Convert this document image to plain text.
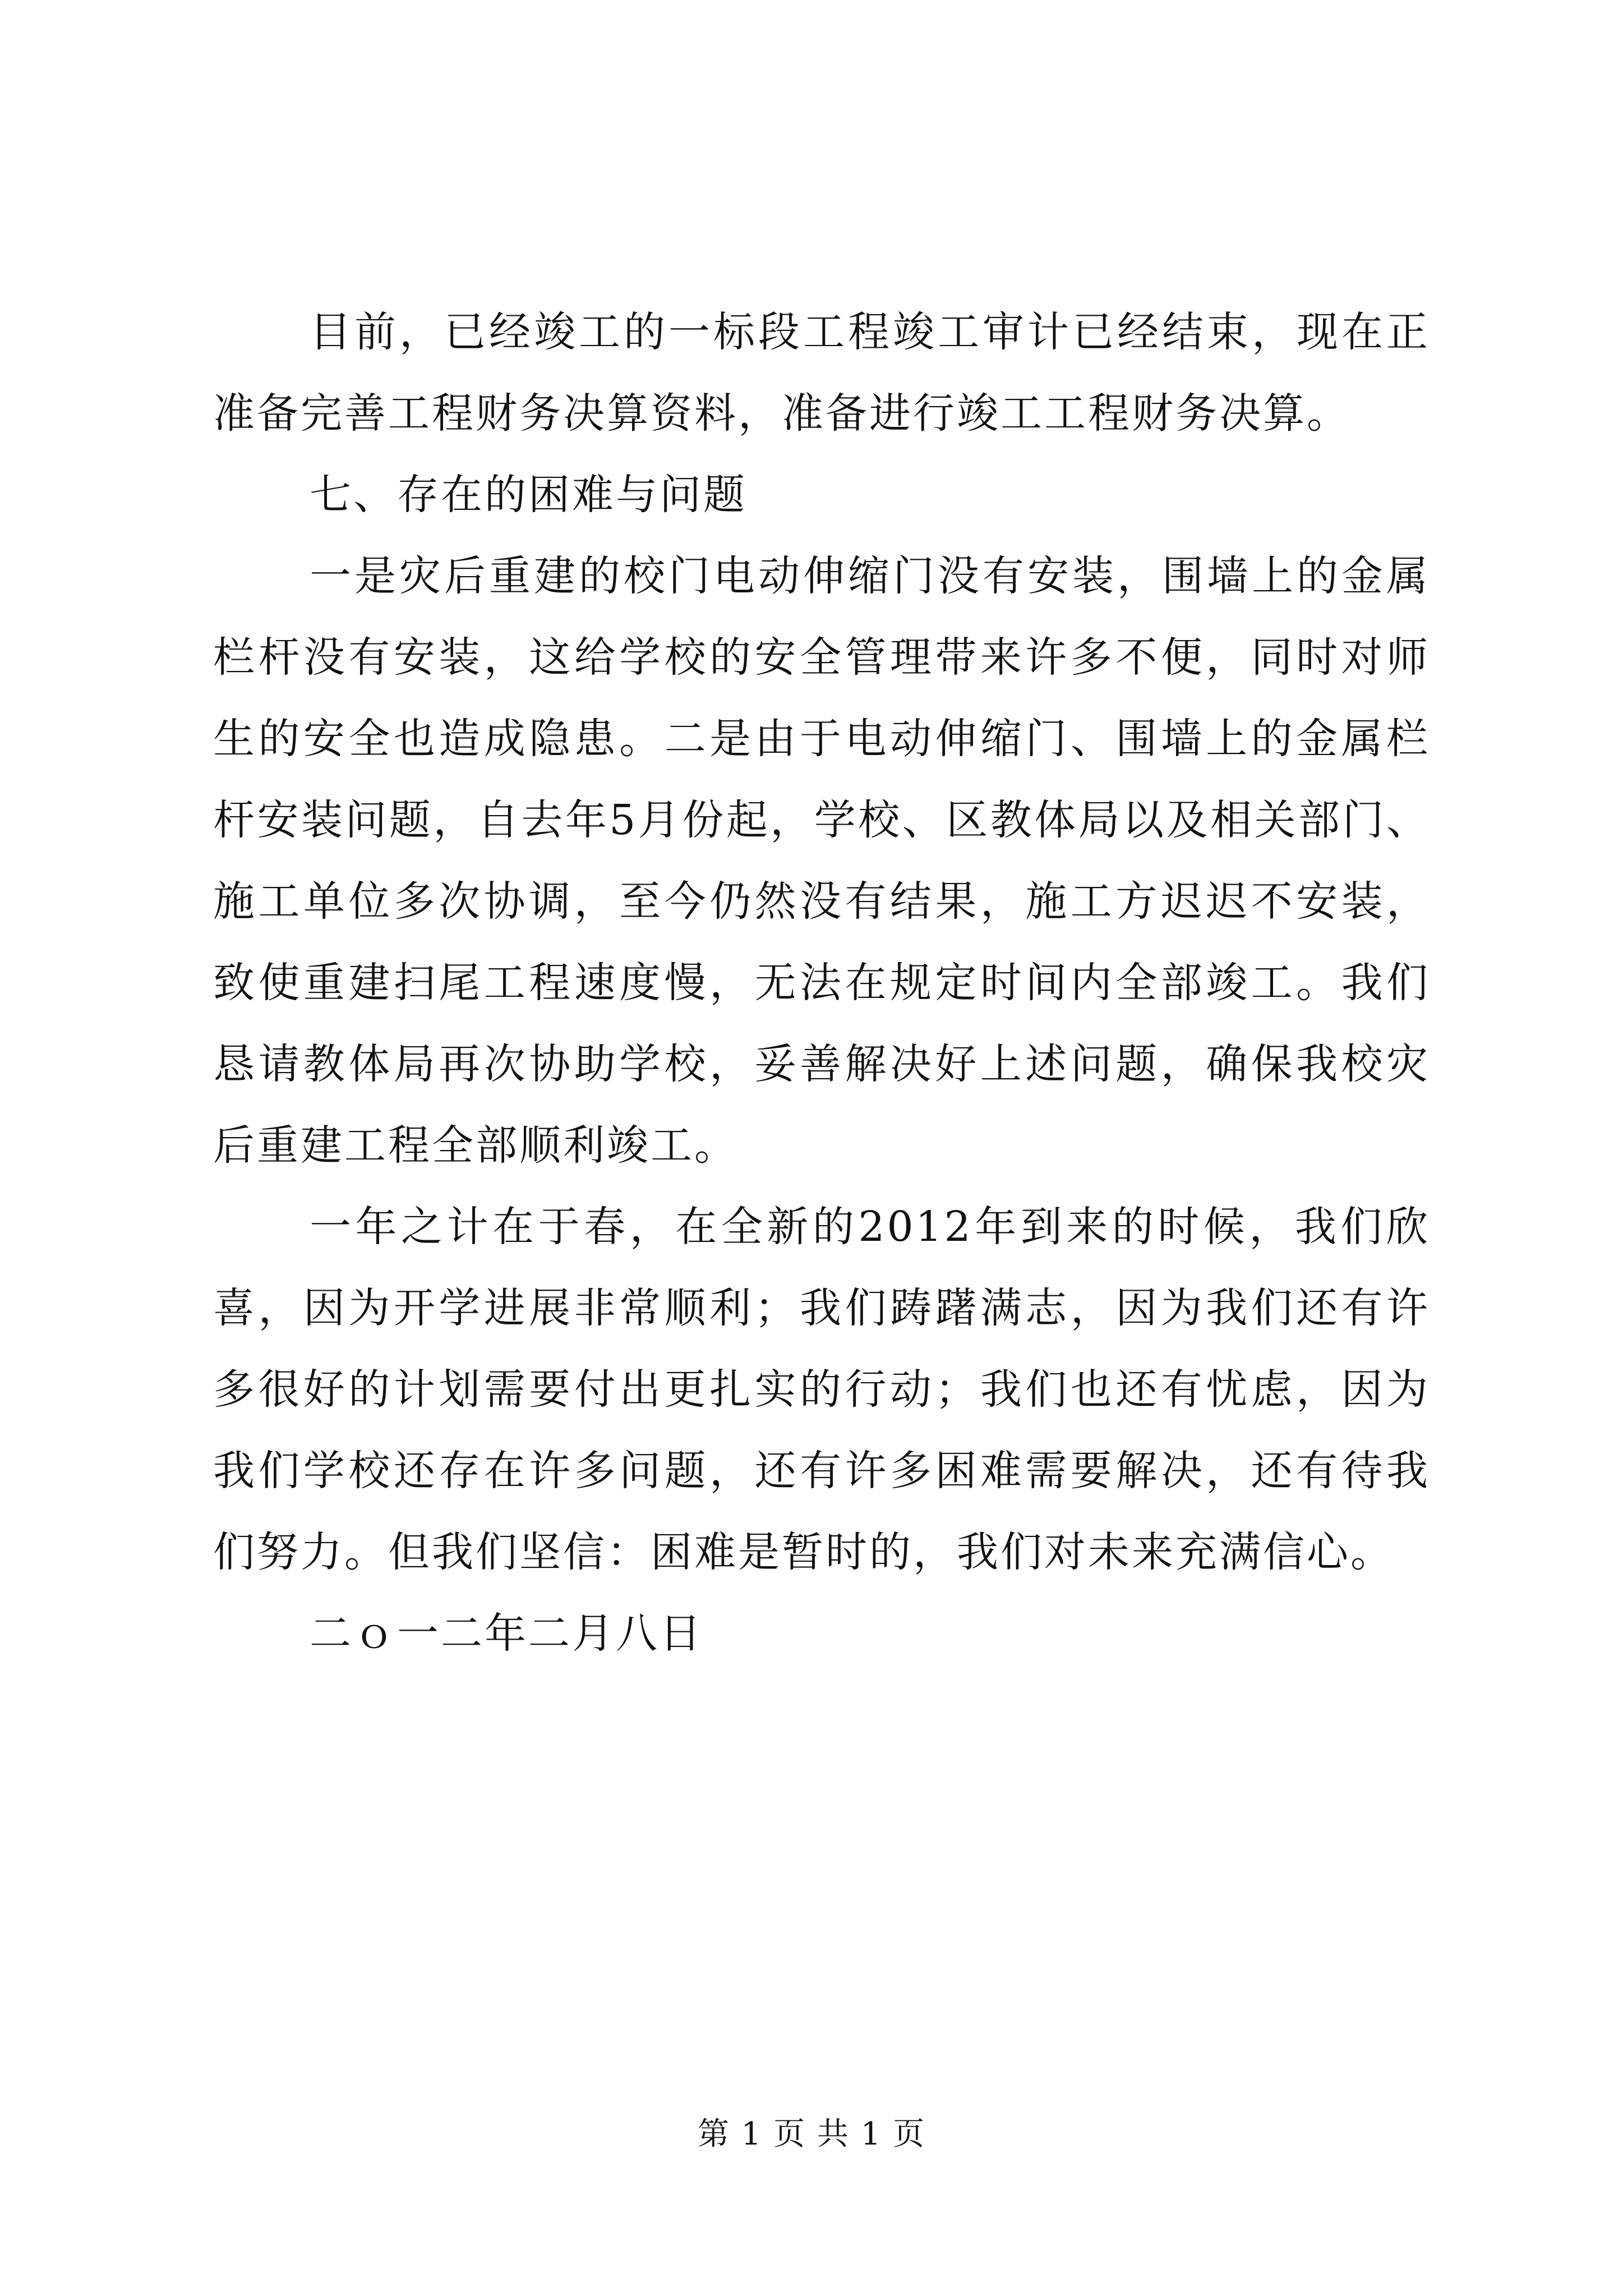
目前，已经竣工的一标段工程竣工审计已经结束，现在正准备完善工程财务决算资料，准备进行竣工工程财务决算。

七、存在的困难与问题

一是灾后重建的校门电动伸缩门没有安装，围墙上的金属栏杆没有安装，这给学校的安全管理带来许多不便，同时对师生的安全也造成隐患。二是由于电动伸缩门、围墙上的金属栏杆安装问题，自去年5月份起，学校、区教体局以及相关部门、施工单位多次协调，至今仍然没有结果，施工方迟迟不安装，致使重建扫尾工程速度慢，无法在规定时间内全部竣工。我们恳请教体局再次协助学校，妥善解决好上述问题，确保我校灾后重建工程全部顺利竣工。

一年之计在于春，在全新的2012年到来的时候，我们欣喜，因为开学进展非常顺利；我们踌躇满志，因为我们还有许多很好的计划需要付出更扎实的行动；我们也还有忧虑，因为我们学校还存在许多问题，还有许多困难需要解决，还有待我们努力。但我们坚信：困难是暂时的，我们对未来充满信心。

二ｏ一二年二月八日

第 1 页 共 1 页
